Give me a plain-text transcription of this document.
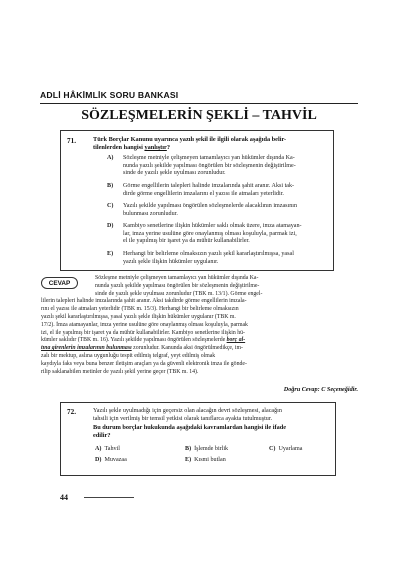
ADLİ HÂKİMLİK SORU BANKASI
SÖZLEŞMELERİN ŞEKLİ – TAHVİL
71.	Türk Borçlar Kanunu uyarınca yazılı şekil ile ilgili olarak aşağıda belir-
tilenlerden hangisi yanlıştır?
A) Sözleşme metniyle çelişmeyen tamamlayıcı yan hükümler dışında Ka-
nunda yazılı şekilde yapılması öngörülen bir sözleşmenin değiştirilme-
sinde de yazılı şekle uyulması zorunludur.
B) Görme engellilerin talepleri halinde imzalarında şahit aranır. Aksi tak-
dirde görme engellilerin imzalarını el yazısı ile atmaları yeterlidir.
C) Yazılı şekilde yapılması öngörülen sözleşmelerde alacaklının imzasının
bulunması zorunludur.
D) Kambiyo senetlerine ilişkin hükümler saklı olmak üzere, imza atamayan-
lar, imza yerine usulüne göre onaylanmış olması koşuluyla, parmak izi,
el ile yapılmış bir işaret ya da mühür kullanabilirler.
E) Herhangi bir belirleme olmaksızın yazılı şekil kararlaştırılmışsa, yasal
yazılı şekle ilişkin hükümler uygulanır.
CEVAP
Sözleşme metniyle çelişmeyen tamamlayıcı yan hükümler dışında Ka-
nunda yazılı şekilde yapılması öngörülen bir sözleşmenin değiştirilme-
sinde de yazılı şekle uyulması zorunludur (TBK m. 13/1). Görme engel-
lilerin talepleri halinde imzalarında şahit aranır. Aksi takdirde görme engellilerin imzala-
rını el yazısı ile atmaları yeterlidir (TBK m. 15/3). Herhangi bir belirleme olmaksızın
yazılı şekil kararlaştırılmışsa, yasal yazılı şekle ilişkin hükümler uygulanır (TBK m.
17/2). İmza atamayanlar, imza yerine usulüne göre onaylanmış olması koşuluyla, parmak
izi, el ile yapılmış bir işaret ya da mühür kullanabilirler. Kambiyo senetlerine ilişkin hü-
kümler saklıdır (TBK m. 16). Yazılı şekilde yapılması öngörülen sözleşmelerde borç al-
tına girenlerin imzalarının bulunması zorunludur. Kanunda aksi öngörülmedikçe, im-
zalı bir mektup, aslına uygunluğu tespit edilmiş telgraf, yeyt edilmiş olmak
kaydıyla faks veya buna benzer iletişim araçları ya da güvenli elektronik imza ile gönde-
rilip saklanabilen metinler de yazılı şekil yerine geçer (TBK m. 14).
Doğru Cevap: C Seçeneğidir.
72.	Yazılı şekle uyulmadığı için geçersiz olan alacağın devri sözleşmesi, alacağın
tahsili için verilmiş bir temsil yetkisi olarak tanıflarca ayakta tutulmuştur.
Bu durum borçlar hukukunda aşağıdaki kavramlardan hangisi ile ifade
edilir?
A) Tahvil	B) İşlemde birlik	C) Uyarlama
D) Muvazaa	E) Kısmi butlan
44
